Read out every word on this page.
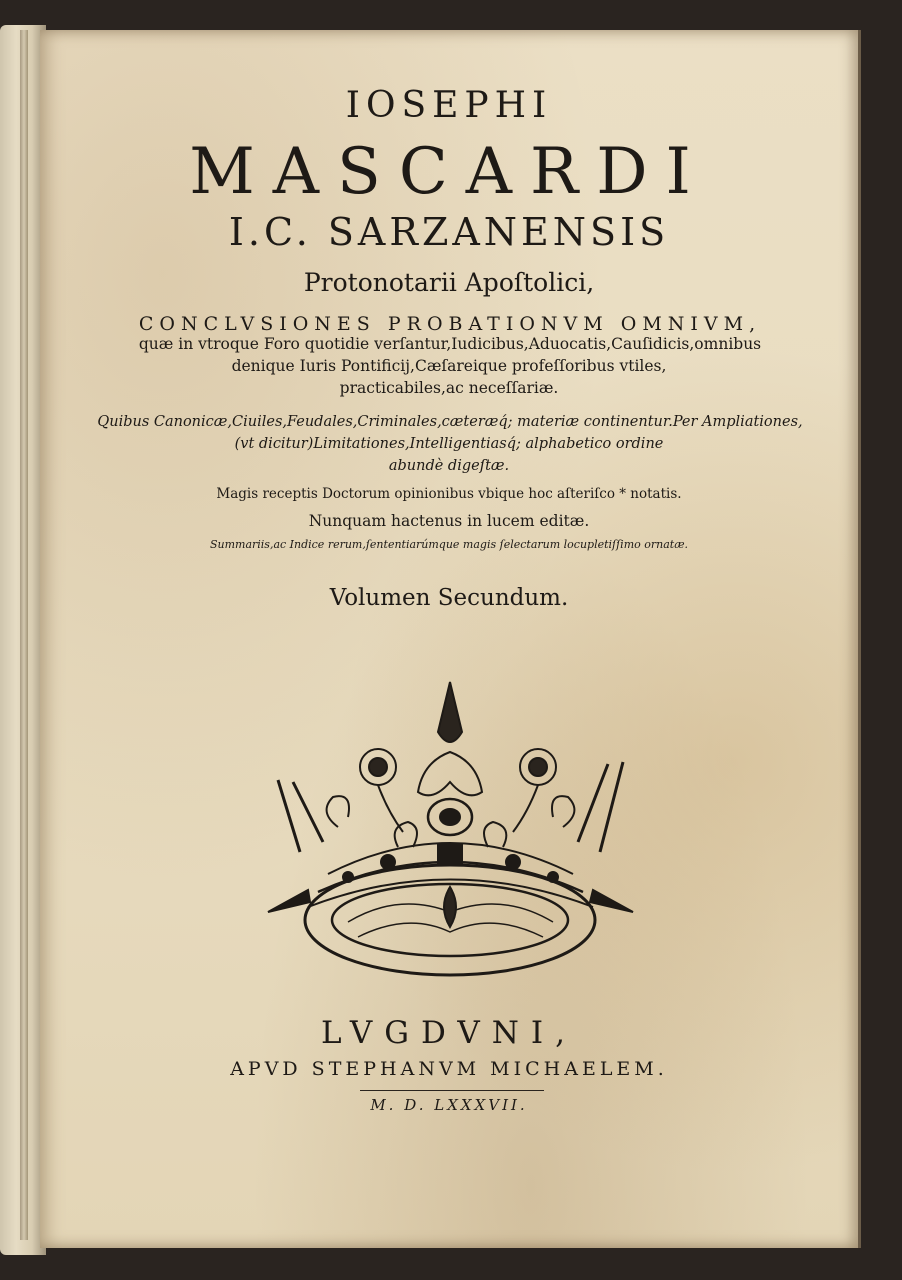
IOSEPHI
MASCARDI
I.C. SARZANENSIS
Protonotarii Apoſtolici,
CONCLVSIONES PROBATIONVM OMNIVM,
quæ in vtroque Foro quotidie verſantur,Iudicibus,Aduocatis,Cauſidicis,omnibus
denique Iuris Pontificij,Cæſareique profeſſoribus vtiles,
practicabiles,ac neceſſariæ.
Quibus Canonicæ,Ciuiles,Feudales,Criminales,cæteræq́; materiæ continentur.Per Ampliationes,
(vt dicitur)Limitationes,Intelligentiasq́; alphabetico ordine
abundè digeſtæ.
Magis receptis Doctorum opinionibus vbique hoc aſteriſco * notatis.
Nunquam hactenus in lucem editæ.
Summariis,ac Indice rerum,ſententiarúmque magis ſelectarum locupletiſſimo ornatæ.
Volumen Secundum.
LVGDVNI,
APVD STEPHANVM MICHAELEM.
M. D. LXXXVII.
